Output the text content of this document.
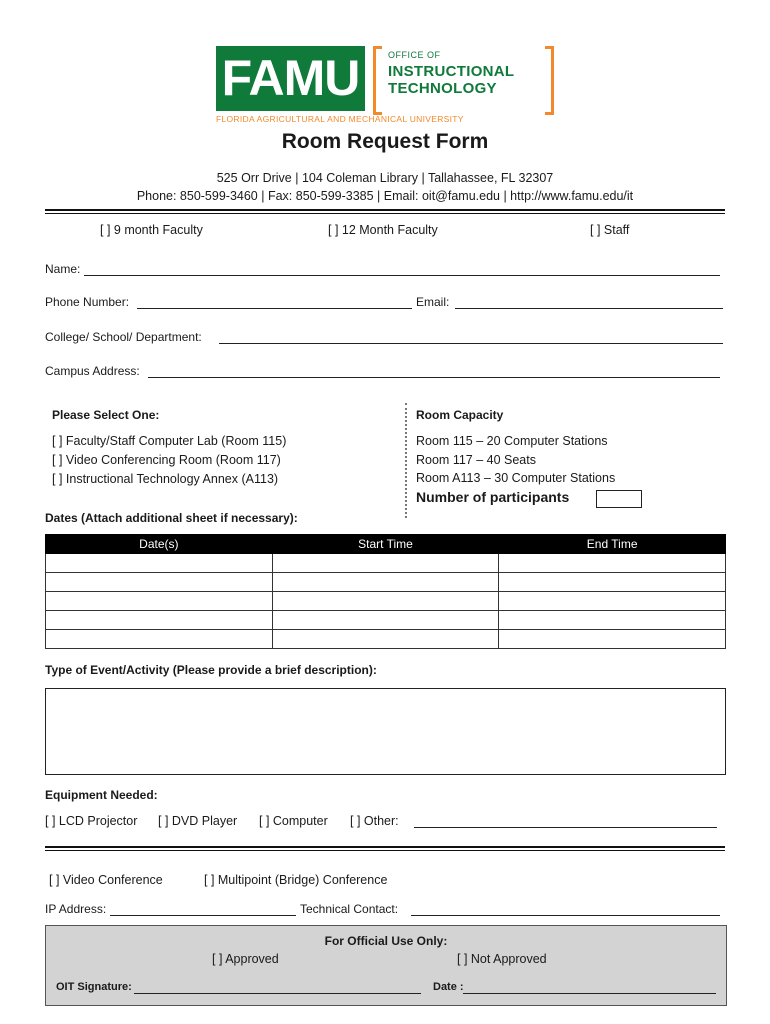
FAMU	OFFICE OF
INSTRUCTIONAL
TECHNOLOGY
FLORIDA AGRICULTURAL AND MECHANICAL UNIVERSITY
Room Request Form
525 Orr Drive | 104 Coleman Library | Tallahassee, FL 32307
Phone: 850-599-3460 | Fax: 850-599-3385 | Email: oit@famu.edu | http://www.famu.edu/it
[ ] 9 month Faculty	[ ] 12 Month Faculty	[ ] Staff
Name:
Phone Number:	Email:
College/ School/ Department:
Campus Address:
Please Select One:
[ ] Faculty/Staff Computer Lab (Room 115)
[ ] Video Conferencing Room (Room 117)
[ ] Instructional Technology Annex (A113)
Room Capacity
Room 115 – 20 Computer Stations
Room 117 – 40 Seats
Room A113 – 30 Computer Stations
Number of participants
Dates (Attach additional sheet if necessary):
Date(s)	Start Time	End Time

Type of Event/Activity (Please provide a brief description):
Equipment Needed:
[ ] LCD Projector [ ] DVD Player [ ] Computer [ ] Other:
[ ] Video Conference	[ ] Multipoint (Bridge) Conference
IP Address:	Technical Contact:
For Official Use Only:
[ ] Approved	[ ] Not Approved
OIT Signature:	Date :
